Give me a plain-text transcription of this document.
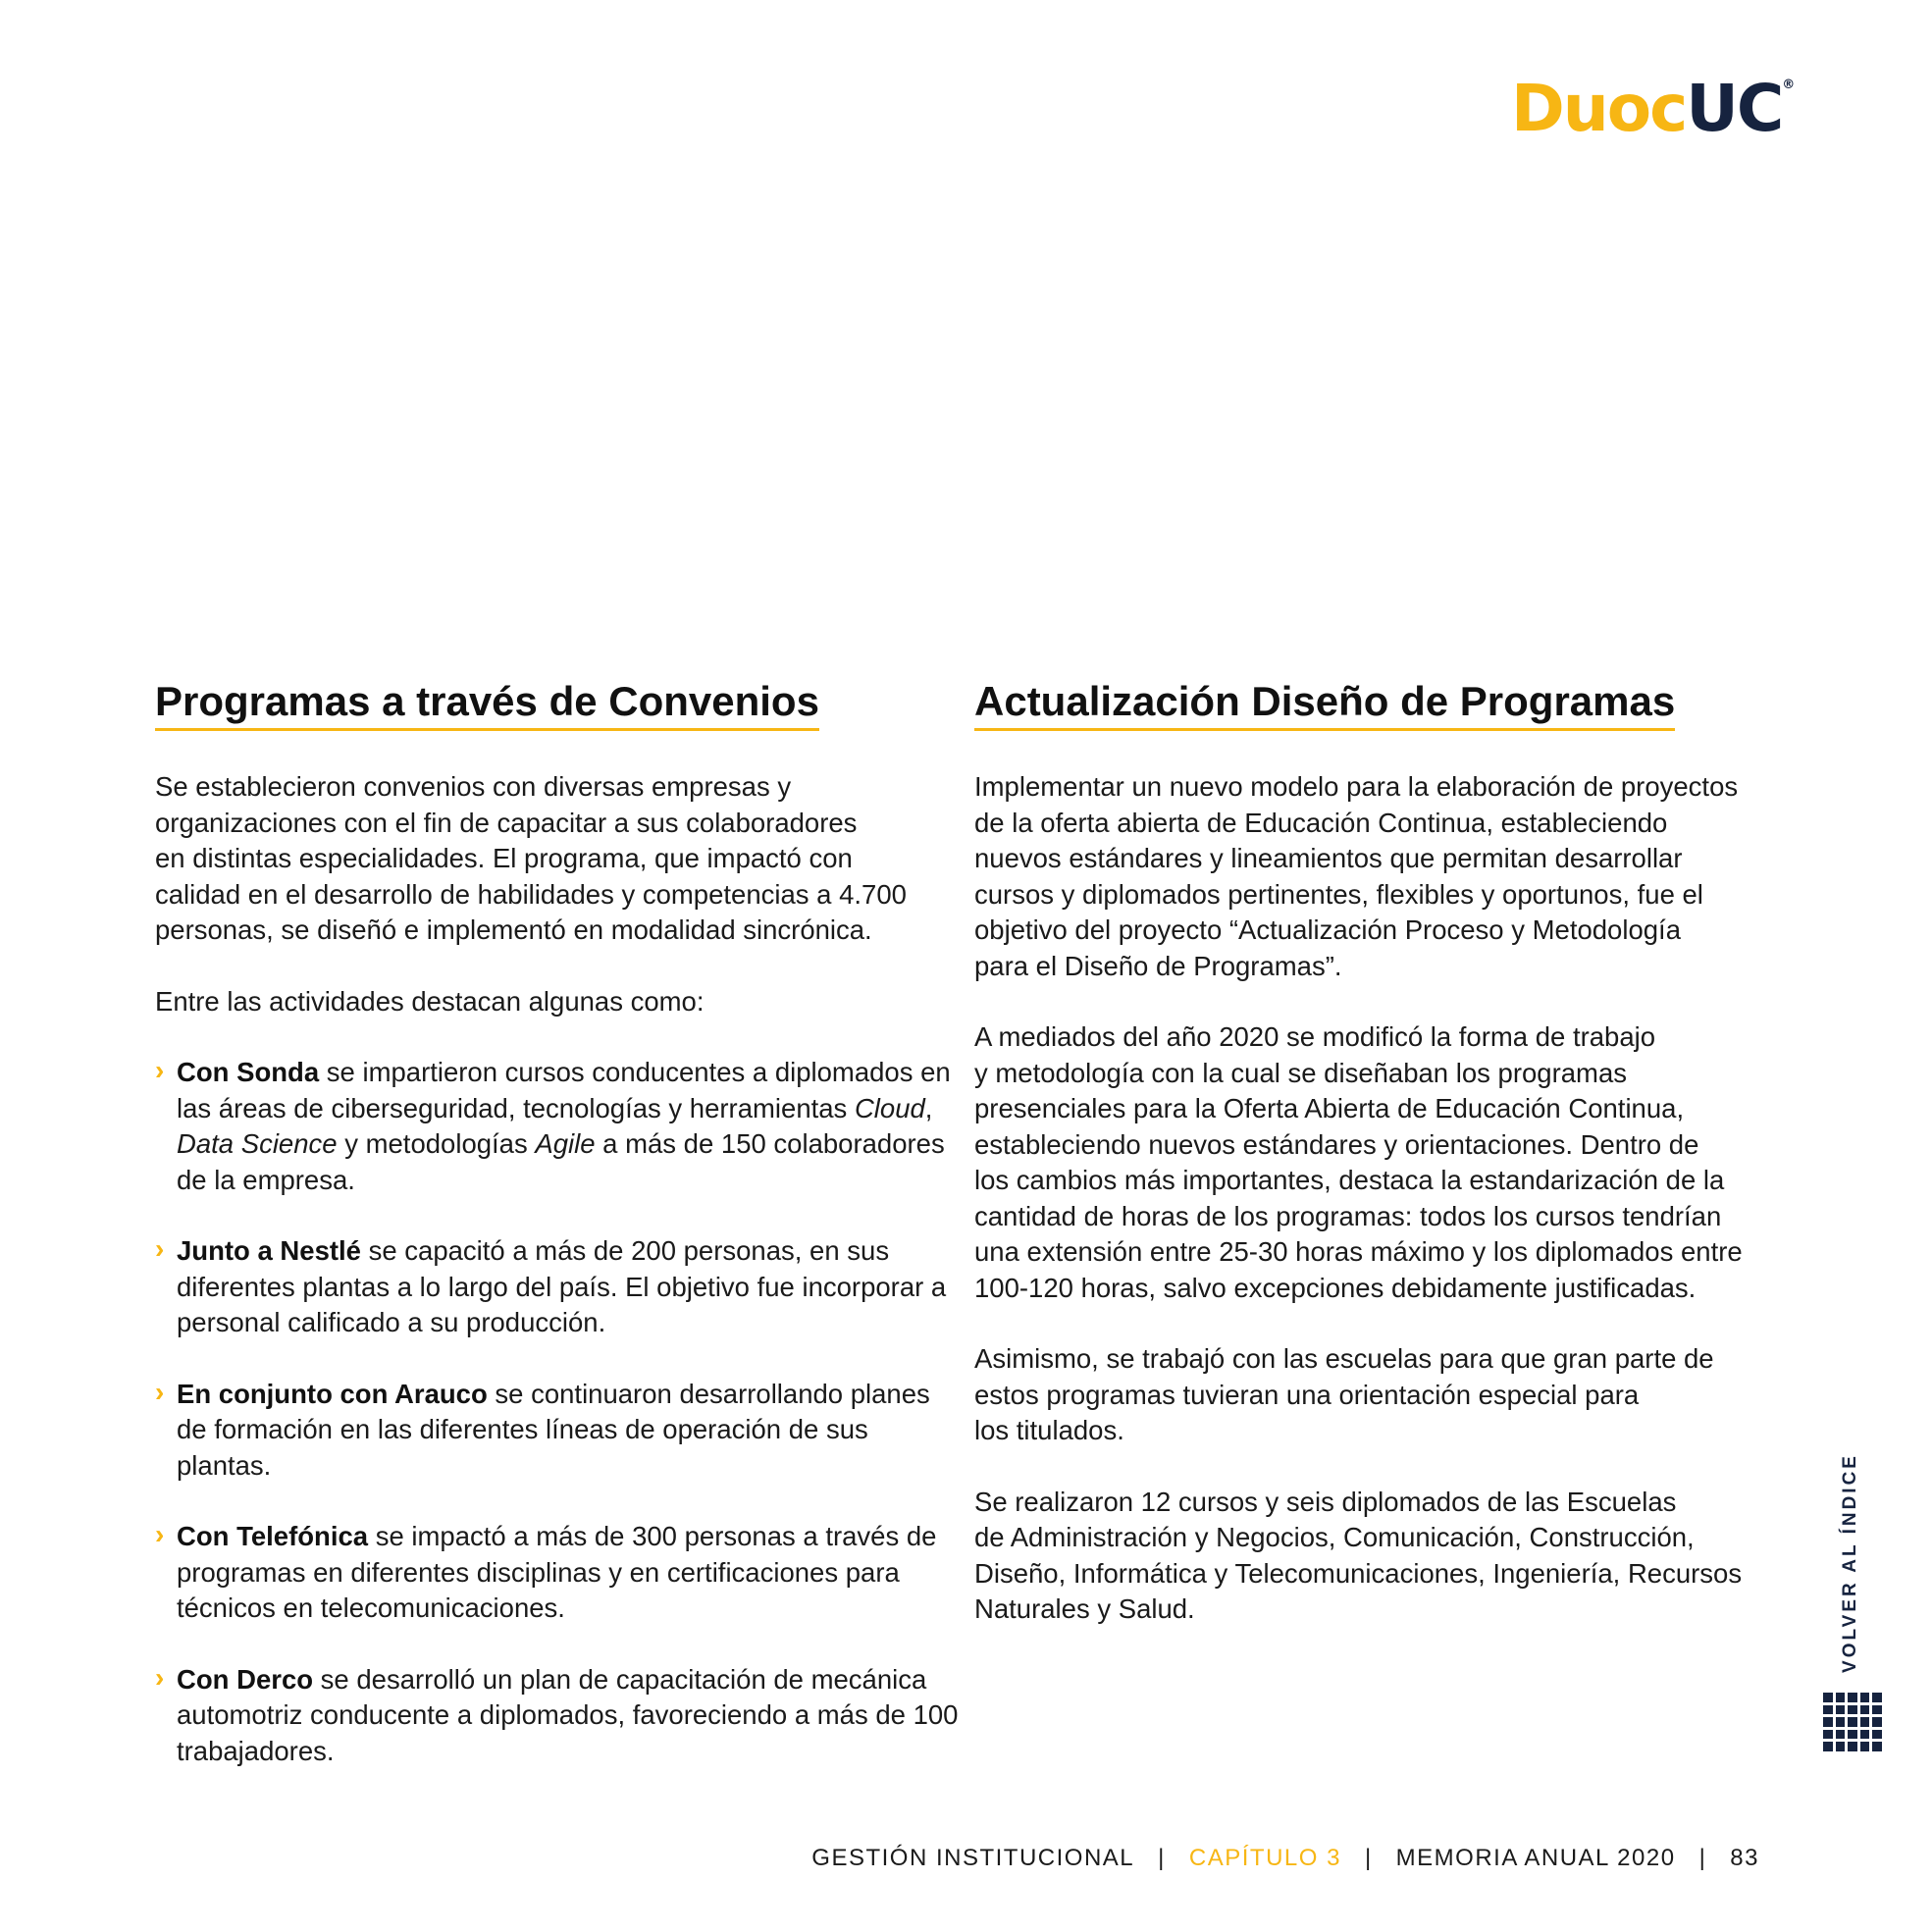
DuocUC®
Programas a través de Convenios

Se establecieron convenios con diversas empresas y
organizaciones con el fin de capacitar a sus colaboradores
en distintas especialidades. El programa, que impactó con
calidad en el desarrollo de habilidades y competencias a 4.700
personas, se diseñó e implementó en modalidad sincrónica.

Entre las actividades destacan algunas como:

› Con Sonda se impartieron cursos conducentes a diplomados en las áreas de ciberseguridad, tecnologías y herramientas Cloud, Data Science y metodologías Agile a más de 150 colaboradores de la empresa.
› Junto a Nestlé se capacitó a más de 200 personas, en sus diferentes plantas a lo largo del país. El objetivo fue incorporar a personal calificado a su producción.
› En conjunto con Arauco se continuaron desarrollando planes de formación en las diferentes líneas de operación de sus plantas.
› Con Telefónica se impactó a más de 300 personas a través de programas en diferentes disciplinas y en certificaciones para técnicos en telecomunicaciones.
› Con Derco se desarrolló un plan de capacitación de mecánica automotriz conducente a diplomados, favoreciendo a más de 100 trabajadores.
Actualización Diseño de Programas

Implementar un nuevo modelo para la elaboración de proyectos
de la oferta abierta de Educación Continua, estableciendo
nuevos estándares y lineamientos que permitan desarrollar
cursos y diplomados pertinentes, flexibles y oportunos, fue el
objetivo del proyecto “Actualización Proceso y Metodología
para el Diseño de Programas”.

A mediados del año 2020 se modificó la forma de trabajo
y metodología con la cual se diseñaban los programas
presenciales para la Oferta Abierta de Educación Continua,
estableciendo nuevos estándares y orientaciones. Dentro de
los cambios más importantes, destaca la estandarización de la
cantidad de horas de los programas: todos los cursos tendrían
una extensión entre 25-30 horas máximo y los diplomados entre
100-120 horas, salvo excepciones debidamente justificadas.

Asimismo, se trabajó con las escuelas para que gran parte de
estos programas tuvieran una orientación especial para
los titulados.

Se realizaron 12 cursos y seis diplomados de las Escuelas
de Administración y Negocios, Comunicación, Construcción,
Diseño, Informática y Telecomunicaciones, Ingeniería, Recursos
Naturales y Salud.	VOLVER AL ÍNDICE
GESTIÓN INSTITUCIONAL | CAPÍTULO 3 | MEMORIA ANUAL 2020 | 83
